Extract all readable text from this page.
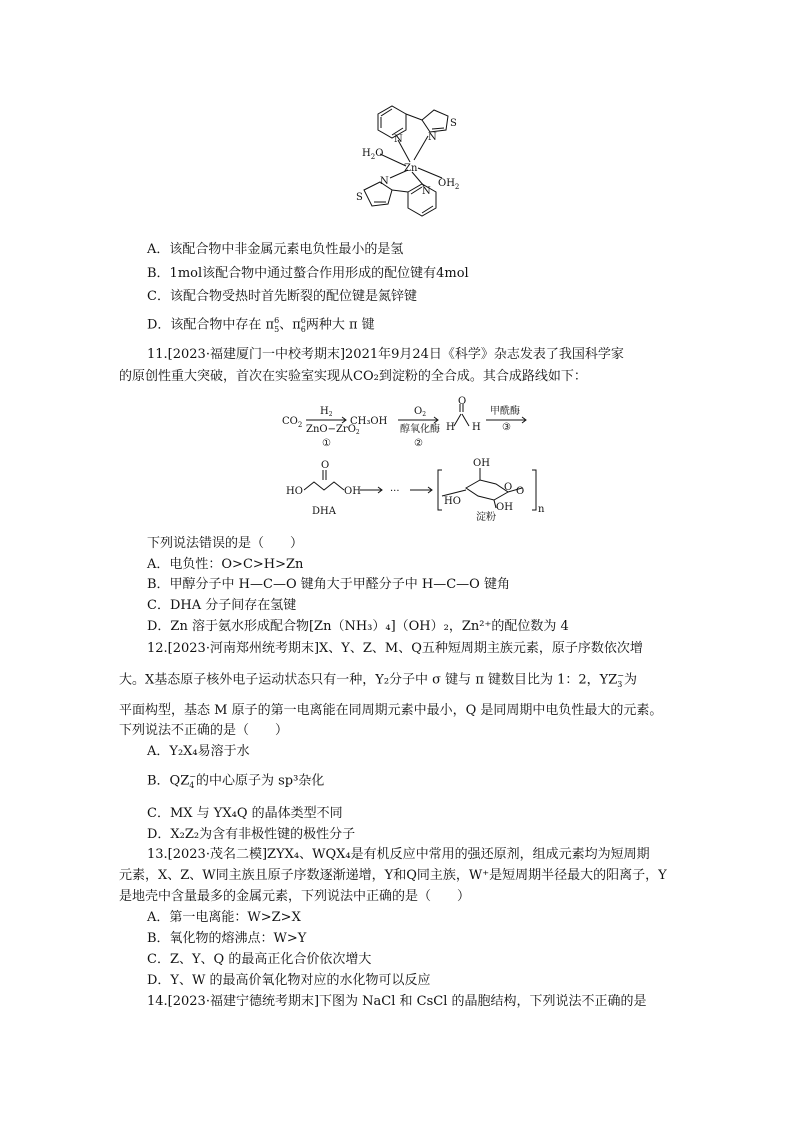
N	N
S
$H_2O$
Zn
$OH_2$
N
N
S
A．该配合物中非金属元素电负性最小的是氢
B．1mol该配合物中通过螯合作用形成的配位键有4mol
C．该配合物受热时首先断裂的配位键是氮锌键
D．该配合物中存在 π 6
5 、π 6
6 两种大 π 键
11.[2023·福建厦门一中校考期末]2021年9月24日《科学》杂志发表了我国科学家
的原创性重大突破，首次在实验室实现从CO₂到淀粉的全合成。其合成路线如下：
$CO_2$
$H_2$
ZnO−ZrO$_2$
①
CH₃OH
$O_2$
醇氧化酶
②
O
H H
甲酰酶
③
HO
O
OH
DHA
···
OH
HO
OH
O O
n
淀粉
下列说法错误的是（　　）
A．电负性：O>C>H>Zn
B．甲醇分子中 H—C—O 键角大于甲醛分子中 H—C—O 键角
C．DHA 分子间存在氢键
D．Zn 溶于氨水形成配合物[Zn（NH₃）₄]（OH）₂，Zn²⁺的配位数为 4
12.[2023·河南郑州统考期末]X、Y、Z、M、Q五种短周期主族元素，原子序数依次增
大。X基态原子核外电子运动状态只有一种，Y₂分子中 σ 键与 π 键数目比为 1：2，YZ −
3 为
平面构型，基态 M 原子的第一电离能在同周期元素中最小，Q 是同周期中电负性最大的元素。
下列说法不正确的是（　　）
A．Y₂X₄易溶于水
B．QZ −
4 的中心原子为 sp³杂化
C．MX 与 YX₄Q 的晶体类型不同
D．X₂Z₂为含有非极性键的极性分子
13.[2023·茂名二模]ZYX₄、WQX₄是有机反应中常用的强还原剂，组成元素均为短周期
元素，X、Z、W同主族且原子序数逐渐递增，Y和Q同主族，W⁺是短周期半径最大的阳离子，Y
是地壳中含量最多的金属元素，下列说法中正确的是（　　）
A．第一电离能：W>Z>X
B．氧化物的熔沸点：W>Y
C．Z、Y、Q 的最高正化合价依次增大
D．Y、W 的最高价氧化物对应的水化物可以反应
14.[2023·福建宁德统考期末]下图为 NaCl 和 CsCl 的晶胞结构，下列说法不正确的是
